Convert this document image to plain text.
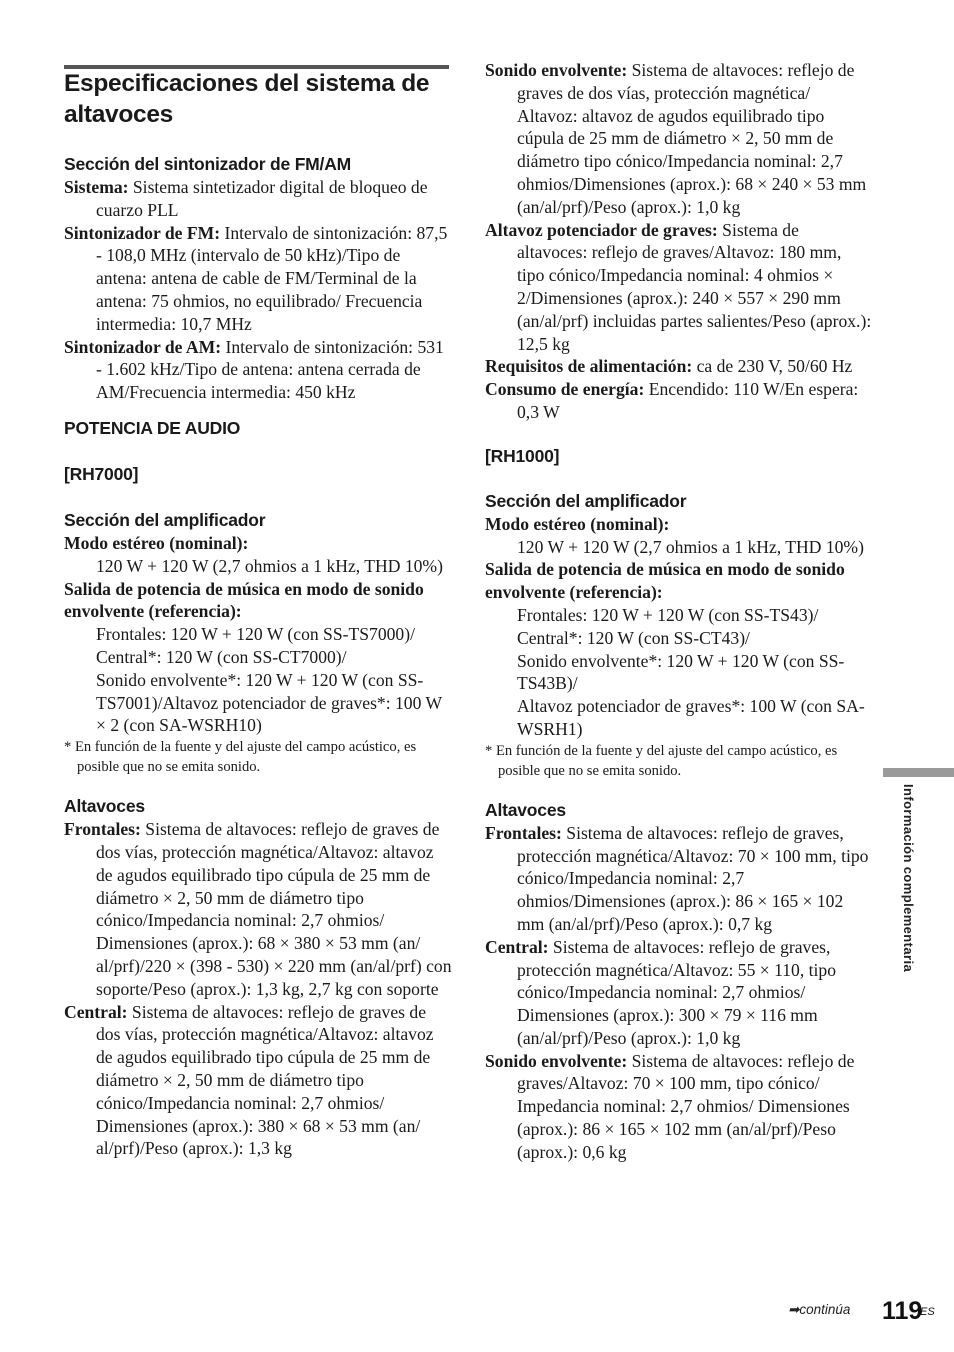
Especificaciones del sistema de altavoces
Sección del sintonizador de FM/AM

Sistema: Sistema sintetizador digital de bloqueo de cuarzo PLL

Sintonizador de FM: Intervalo de sintonización: 87,5 - 108,0 MHz (intervalo de 50 kHz)/Tipo de antena: antena de cable de FM/Terminal de la antena: 75 ohmios, no equilibrado/ Frecuencia intermedia: 10,7 MHz

Sintonizador de AM: Intervalo de sintonización: 531 - 1.602 kHz/Tipo de antena: antena cerrada de AM/Frecuencia intermedia: 450 kHz

POTENCIA DE AUDIO
[RH7000]
Sección del amplificador

Modo estéreo (nominal):

120 W + 120 W (2,7 ohmios a 1 kHz, THD 10%)

Salida de potencia de música en modo de sonido envolvente (referencia):

Frontales: 120 W + 120 W (con SS-TS7000)/

Central*: 120 W (con SS-CT7000)/

Sonido envolvente*: 120 W + 120 W (con SS-TS7001)/Altavoz potenciador de graves*: 100 W × 2 (con SA-WSRH10)

* En función de la fuente y del ajuste del campo acústico, es posible que no se emita sonido.

Altavoces

Frontales: Sistema de altavoces: reflejo de graves de dos vías, protección magnética/Altavoz: altavoz de agudos equilibrado tipo cúpula de 25 mm de diámetro × 2, 50 mm de diámetro tipo cónico/Impedancia nominal: 2,7 ohmios/ Dimensiones (aprox.): 68 × 380 × 53 mm (an/ al/prf)/220 × (398 - 530) × 220 mm (an/al/prf) con soporte/Peso (aprox.): 1,3 kg, 2,7 kg con soporte

Central: Sistema de altavoces: reflejo de graves de dos vías, protección magnética/Altavoz: altavoz de agudos equilibrado tipo cúpula de 25 mm de diámetro × 2, 50 mm de diámetro tipo cónico/Impedancia nominal: 2,7 ohmios/ Dimensiones (aprox.): 380 × 68 × 53 mm (an/ al/prf)/Peso (aprox.): 1,3 kg

Sonido envolvente: Sistema de altavoces: reflejo de graves de dos vías, protección magnética/ Altavoz: altavoz de agudos equilibrado tipo cúpula de 25 mm de diámetro × 2, 50 mm de diámetro tipo cónico/Impedancia nominal: 2,7 ohmios/Dimensiones (aprox.): 68 × 240 × 53 mm (an/al/prf)/Peso (aprox.): 1,0 kg

Altavoz potenciador de graves: Sistema de altavoces: reflejo de graves/Altavoz: 180 mm, tipo cónico/Impedancia nominal: 4 ohmios × 2/Dimensiones (aprox.): 240 × 557 × 290 mm (an/al/prf) incluidas partes salientes/Peso (aprox.): 12,5 kg

Requisitos de alimentación: ca de 230 V, 50/60 Hz

Consumo de energía: Encendido: 110 W/En espera: 0,3 W

[RH1000]
Sección del amplificador

Modo estéreo (nominal):

120 W + 120 W (2,7 ohmios a 1 kHz, THD 10%)

Salida de potencia de música en modo de sonido envolvente (referencia):

Frontales: 120 W + 120 W (con SS-TS43)/

Central*: 120 W (con SS-CT43)/

Sonido envolvente*: 120 W + 120 W (con SS-TS43B)/

Altavoz potenciador de graves*: 100 W (con SA-WSRH1)

* En función de la fuente y del ajuste del campo acústico, es posible que no se emita sonido.

Altavoces

Frontales: Sistema de altavoces: reflejo de graves, protección magnética/Altavoz: 70 × 100 mm, tipo cónico/Impedancia nominal: 2,7 ohmios/Dimensiones (aprox.): 86 × 165 × 102 mm (an/al/prf)/Peso (aprox.): 0,7 kg

Central: Sistema de altavoces: reflejo de graves, protección magnética/Altavoz: 55 × 110, tipo cónico/Impedancia nominal: 2,7 ohmios/ Dimensiones (aprox.): 300 × 79 × 116 mm (an/al/prf)/Peso (aprox.): 1,0 kg

Sonido envolvente: Sistema de altavoces: reflejo de graves/Altavoz: 70 × 100 mm, tipo cónico/ Impedancia nominal: 2,7 ohmios/ Dimensiones (aprox.): 86 × 165 × 102 mm (an/al/prf)/Peso (aprox.): 0,6 kg

Información complementaria
➡continúa 119
ES
